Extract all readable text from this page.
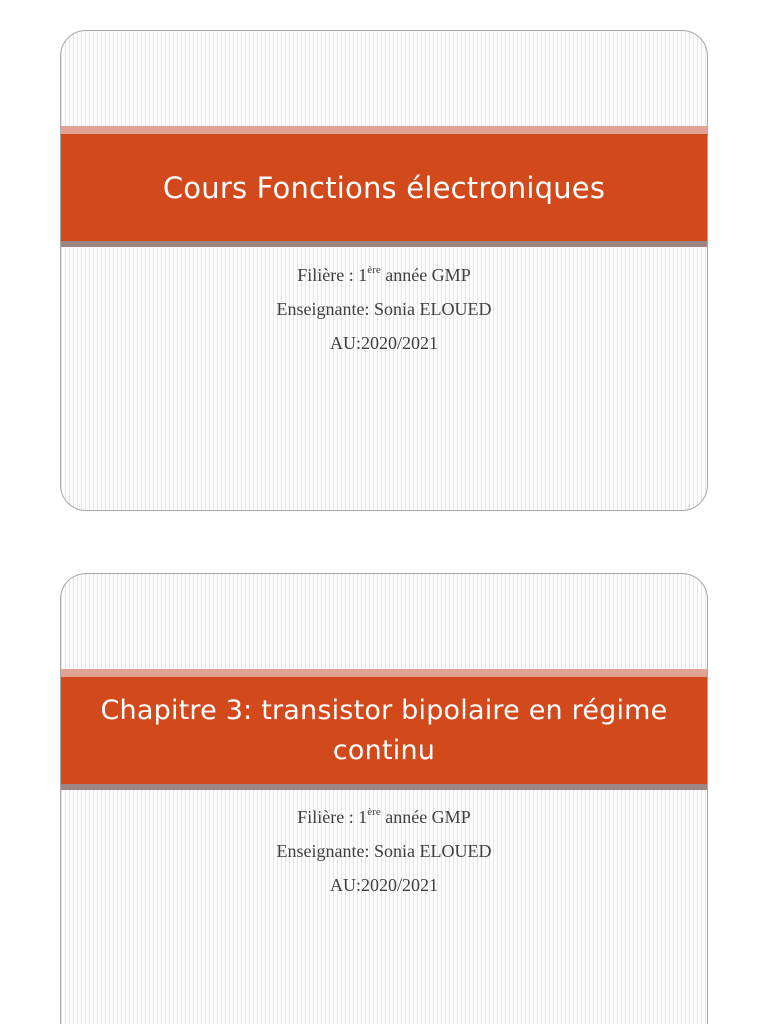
Cours Fonctions électroniques
Filière : 1ère année GMP
Enseignante: Sonia ELOUED
AU:2020/2021
Chapitre 3: transistor bipolaire en régime continu
Filière : 1ère année GMP
Enseignante: Sonia ELOUED
AU:2020/2021
